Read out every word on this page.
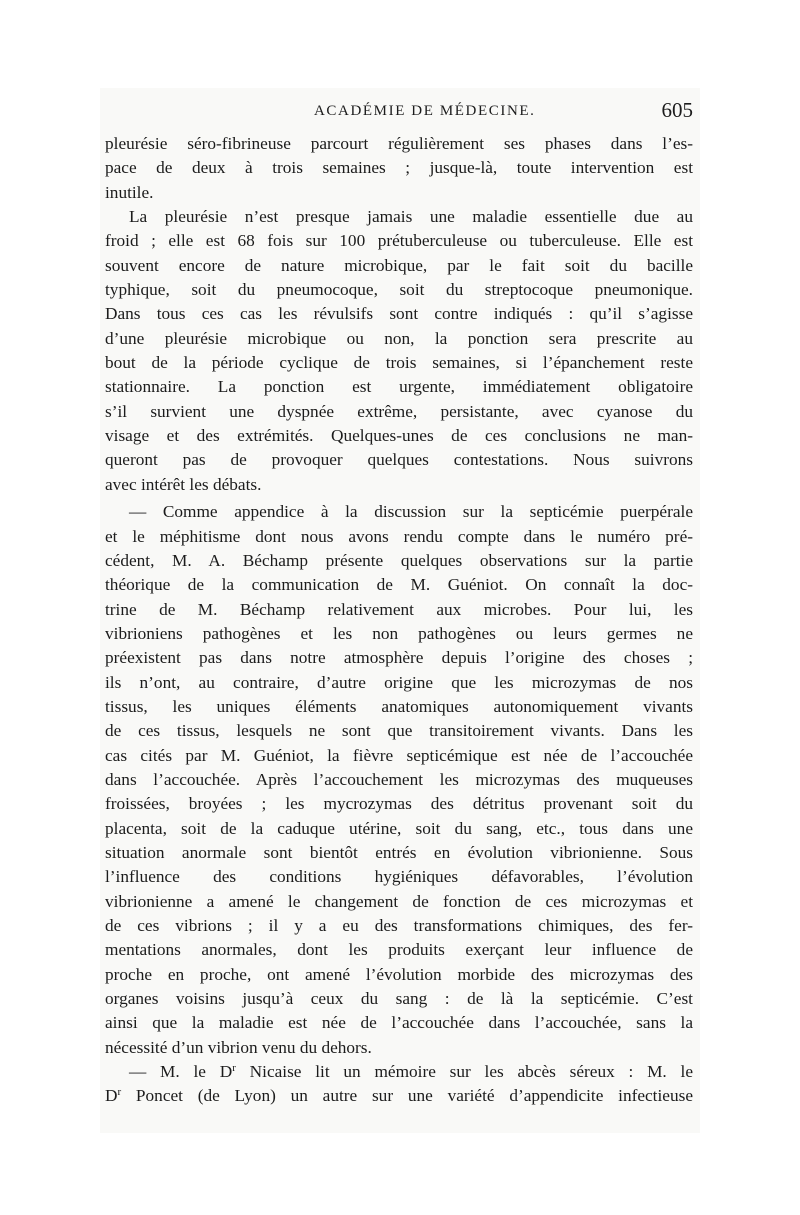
ACADÉMIE DE MÉDECINE.	605
pleurésie séro-fibrineuse parcourt régulièrement ses phases dans l’es-
pace de deux à trois semaines ; jusque-là, toute intervention est
inutile.
La pleurésie n’est presque jamais une maladie essentielle due au
froid ; elle est 68 fois sur 100 prétuberculeuse ou tuberculeuse. Elle est
souvent encore de nature microbique, par le fait soit du bacille
typhique, soit du pneumocoque, soit du streptocoque pneumonique.
Dans tous ces cas les révulsifs sont contre indiqués : qu’il s’agisse
d’une pleurésie microbique ou non, la ponction sera prescrite au
bout de la période cyclique de trois semaines, si l’épanchement reste
stationnaire. La ponction est urgente, immédiatement obligatoire
s’il survient une dyspnée extrême, persistante, avec cyanose du
visage et des extrémités. Quelques-unes de ces conclusions ne man-
queront pas de provoquer quelques contestations. Nous suivrons
avec intérêt les débats.
— Comme appendice à la discussion sur la septicémie puerpérale
et le méphitisme dont nous avons rendu compte dans le numéro pré-
cédent, M. A. Béchamp présente quelques observations sur la partie
théorique de la communication de M. Guéniot. On connaît la doc-
trine de M. Béchamp relativement aux microbes. Pour lui, les
vibrioniens pathogènes et les non pathogènes ou leurs germes ne
préexistent pas dans notre atmosphère depuis l’origine des choses ;
ils n’ont, au contraire, d’autre origine que les microzymas de nos
tissus, les uniques éléments anatomiques autonomiquement vivants
de ces tissus, lesquels ne sont que transitoirement vivants. Dans les
cas cités par M. Guéniot, la fièvre septicémique est née de l’accouchée
dans l’accouchée. Après l’accouchement les microzymas des muqueuses
froissées, broyées ; les mycrozymas des détritus provenant soit du
placenta, soit de la caduque utérine, soit du sang, etc., tous dans une
situation anormale sont bientôt entrés en évolution vibrionienne. Sous
l’influence des conditions hygiéniques défavorables, l’évolution
vibrionienne a amené le changement de fonction de ces microzymas et
de ces vibrions ; il y a eu des transformations chimiques, des fer-
mentations anormales, dont les produits exerçant leur influence de
proche en proche, ont amené l’évolution morbide des microzymas des
organes voisins jusqu’à ceux du sang : de là la septicémie. C’est
ainsi que la maladie est née de l’accouchée dans l’accouchée, sans la
nécessité d’un vibrion venu du dehors.
— M. le $D^r$ Nicaise lit un mémoire sur les abcès séreux : M. le
$D^r$ Poncet (de Lyon) un autre sur une variété d’appendicite infectieuse
